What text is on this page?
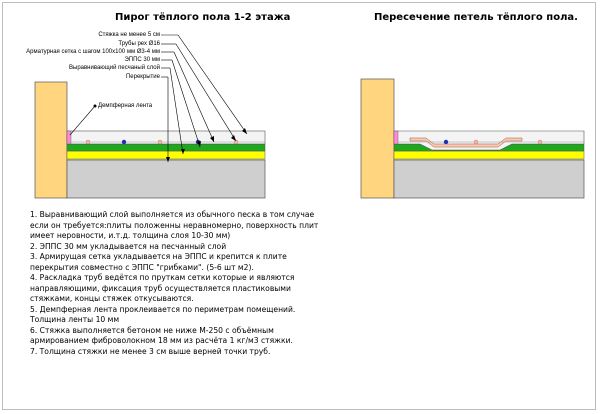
Пирог тёплого пола 1-2 этажа	Пересечение петель тёплого пола.
Стяжка не менее 5 см
Трубы рех Ø16
Арматурная сетка с шагом 100х100 мм Ø3-4 мм
ЭППС 30 мм
Выравнивающий песчаный слой
Перекрытие
Демпферная лента
1. Выравнивающий слой выполняется из обычного песка в том случае если он требуется:плиты положенны неравномерно, поверхность плит имеет неровности, и.т.д. толщина слоя 10-30 мм)
2. ЭППС 30 мм укладывается на песчанный слой
3. Армирущая сетка укладывается на ЭППС и крепится к плите перекрытия совместно с ЭППС "грибками". (5-6 шт м2).
4. Раскладка труб ведётся по пруткам сетки которые и являются направляющими, фиксация труб осуществляется пластиковыми стяжками, концы стяжек откусываются.
5. Демпферная лента проклеивается по периметрам помещений. Толщина ленты 10 мм
6. Стяжка выполняется бетоном не ниже М-250 с объёмным армированием фиброволокном 18 мм из расчёта 1 кг/м3 стяжки.
7. Толщина стяжки не менее 3 см выше верней точки труб.
